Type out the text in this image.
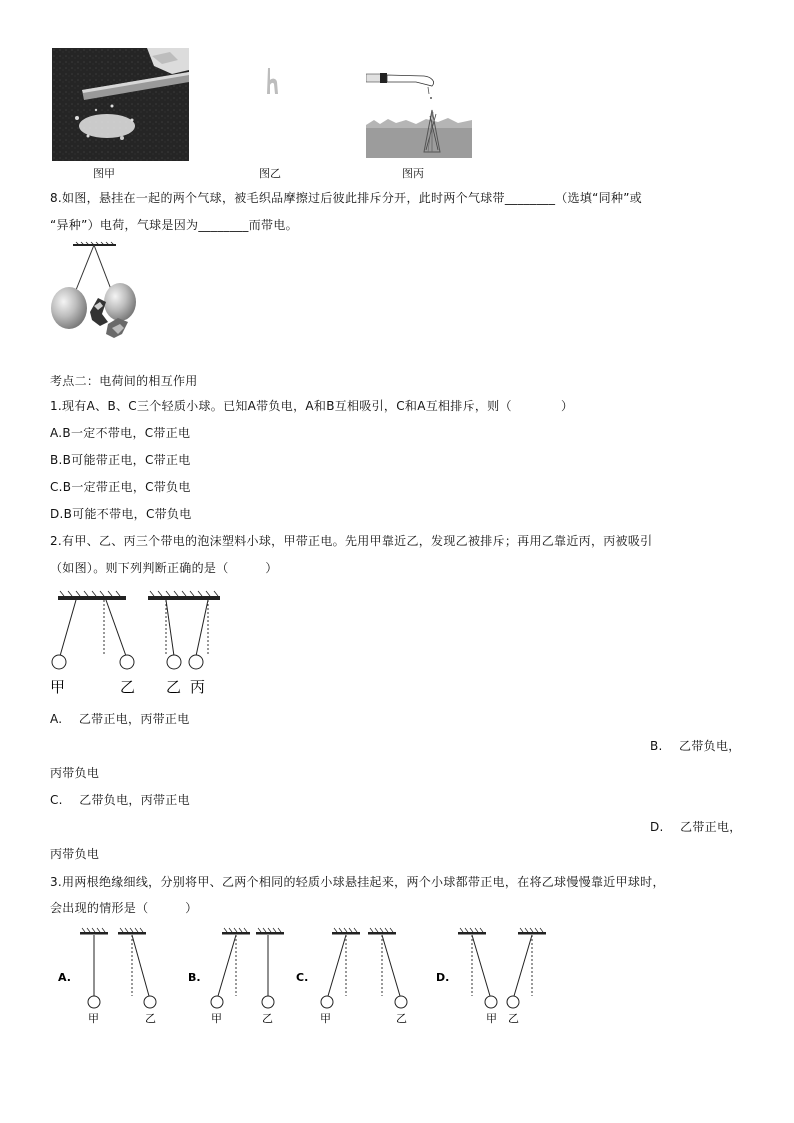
图甲	图乙	图丙
8.如图，悬挂在一起的两个气球，被毛织品摩擦过后彼此排斥分开，此时两个气球带________（选填“同种”或
“异种”）电荷，气球是因为________而带电。
考点二：电荷间的相互作用
1.现有A、B、C三个轻质小球。已知A带负电，A和B互相吸引，C和A互相排斥，则（　　　　）
A.B一定不带电，C带正电
B.B可能带正电，C带正电
C.B一定带正电，C带负电
D.B可能不带电，C带负电
2.有甲、乙、丙三个带电的泡沫塑料小球，甲带正电。先用甲靠近乙，发现乙被排斥；再用乙靠近丙，丙被吸引
（如图）。则下列判断正确的是（　　　）
甲	乙 乙 丙
A.　 乙带正电，丙带正电
B.　 乙带负电，
丙带负电
C.　 乙带负电，丙带正电
D.　 乙带正电，
丙带负电
3.用两根绝缘细线，分别将甲、乙两个相同的轻质小球悬挂起来，两个小球都带正电，在将乙球慢慢靠近甲球时，
会出现的情形是（　　　）
A.
甲	乙
B.
甲	乙
C.
甲	乙
D.
甲 乙
